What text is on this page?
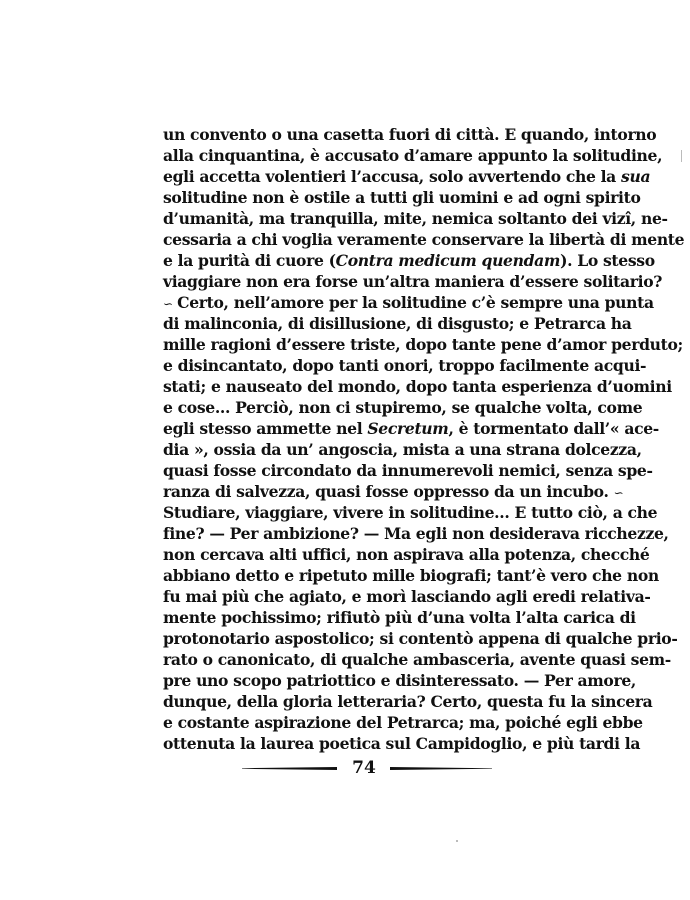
un convento o una casetta fuori di città. E quando, intorno
alla cinquantina, è accusato d’amare appunto la solitudine,
egli accetta volentieri l’accusa, solo avvertendo che la sua
solitudine non è ostile a tutti gli uomini e ad ogni spirito
d’umanità, ma tranquilla, mite, nemica soltanto dei vizî, ne-
cessaria a chi voglia veramente conservare la libertà di mente
e la purità di cuore (Contra medicum quendam). Lo stesso
viaggiare non era forse un’altra maniera d’essere solitario?
∽ Certo, nell’amore per la solitudine c’è sempre una punta
di malinconia, di disillusione, di disgusto; e Petrarca ha
mille ragioni d’essere triste, dopo tante pene d’amor perduto;
e disincantato, dopo tanti onori, troppo facilmente acqui-
stati; e nauseato del mondo, dopo tanta esperienza d’uomini
e cose... Perciò, non ci stupiremo, se qualche volta, come
egli stesso ammette nel Secretum, è tormentato dall’« ace-
dia », ossia da un’ angoscia, mista a una strana dolcezza,
quasi fosse circondato da innumerevoli nemici, senza spe-
ranza di salvezza, quasi fosse oppresso da un incubo. ∽
Studiare, viaggiare, vivere in solitudine... E tutto ciò, a che
fine? — Per ambizione? — Ma egli non desiderava ricchezze,
non cercava alti uffici, non aspirava alla potenza, checché
abbiano detto e ripetuto mille biografi; tant’è vero che non
fu mai più che agiato, e morì lasciando agli eredi relativa-
mente pochissimo; rifiutò più d’una volta l’alta carica di
protonotario aspostolico; si contentò appena di qualche prio-
rato o canonicato, di qualche ambasceria, avente quasi sem-
pre uno scopo patriottico e disinteressato. — Per amore,
dunque, della gloria letteraria? Certo, questa fu la sincera
e costante aspirazione del Petrarca; ma, poiché egli ebbe
ottenuta la laurea poetica sul Campidoglio, e più tardi la
74
